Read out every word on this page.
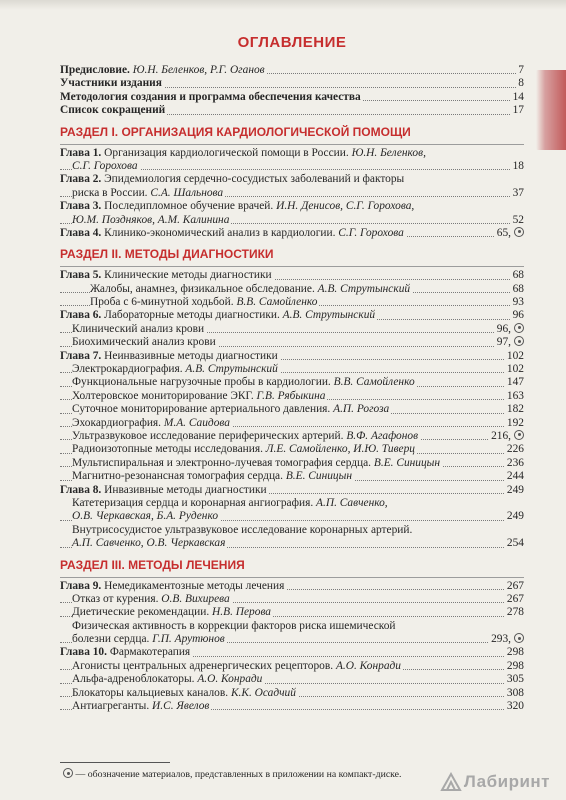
ОГЛАВЛЕНИЕ
Предисловие. Ю.Н. Беленков, Р.Г. Оганов	7
Участники издания	8
Методология создания и программа обеспечения качества	14
Список сокращений	17
РАЗДЕЛ I. ОРГАНИЗАЦИЯ КАРДИОЛОГИЧЕСКОЙ ПОМОЩИ
Глава 1. Организация кардиологической помощи в России. Ю.Н. Беленков,
С.Г. Горохова	18
Глава 2. Эпидемиология сердечно-сосудистых заболеваний и факторы
риска в России. С.А. Шальнова	37
Глава 3. Последипломное обучение врачей. И.Н. Денисов, С.Г. Горохова,
Ю.М. Поздняков, А.М. Калинина	52
Глава 4. Клинико-экономический анализ в кардиологии. С.Г. Горохова	65,
РАЗДЕЛ II. МЕТОДЫ ДИАГНОСТИКИ
Глава 5. Клинические методы диагностики	68
Жалобы, анамнез, физикальное обследование. А.В. Струтынский	68
Проба с 6-минутной ходьбой. В.В. Самойленко	93
Глава 6. Лабораторные методы диагностики. А.В. Струтынский	96
Клинический анализ крови	96,
Биохимический анализ крови	97,
Глава 7. Неинвазивные методы диагностики	102
Электрокардиография. А.В. Струтынский	102
Функциональные нагрузочные пробы в кардиологии. В.В. Самойленко	147
Холтеровское мониторирование ЭКГ. Г.В. Рябыкина	163
Суточное мониторирование артериального давления. А.П. Рогоза	182
Эхокардиография. М.А. Саидова	192
Ультразвуковое исследование периферических артерий. В.Ф. Агафонов	216,
Радиоизотопные методы исследования. Л.Е. Самойленко, И.Ю. Тиверц	226
Мультиспиральная и электронно-лучевая томография сердца. В.Е. Синицын	236
Магнитно-резонансная томография сердца. В.Е. Синицын	244
Глава 8. Инвазивные методы диагностики	249
Катетеризация сердца и коронарная ангиография. А.П. Савченко,
О.В. Черкавская, Б.А. Руденко	249
Внутрисосудистое ультразвуковое исследование коронарных артерий.
А.П. Савченко, О.В. Черкавская	254
РАЗДЕЛ III. МЕТОДЫ ЛЕЧЕНИЯ
Глава 9. Немедикаментозные методы лечения	267
Отказ от курения. О.В. Вихирева	267
Диетические рекомендации. Н.В. Перова	278
Физическая активность в коррекции факторов риска ишемической
болезни сердца. Г.П. Арутюнов	293,
Глава 10. Фармакотерапия	298
Агонисты центральных адренергических рецепторов. А.О. Конради	298
Альфа-адреноблокаторы. А.О. Конради	305
Блокаторы кальциевых каналов. К.К. Осадчий	308
Антиагреганты. И.С. Явелов	320
— обозначение материалов, представленных в приложении на компакт-диске.	Лабиринт
